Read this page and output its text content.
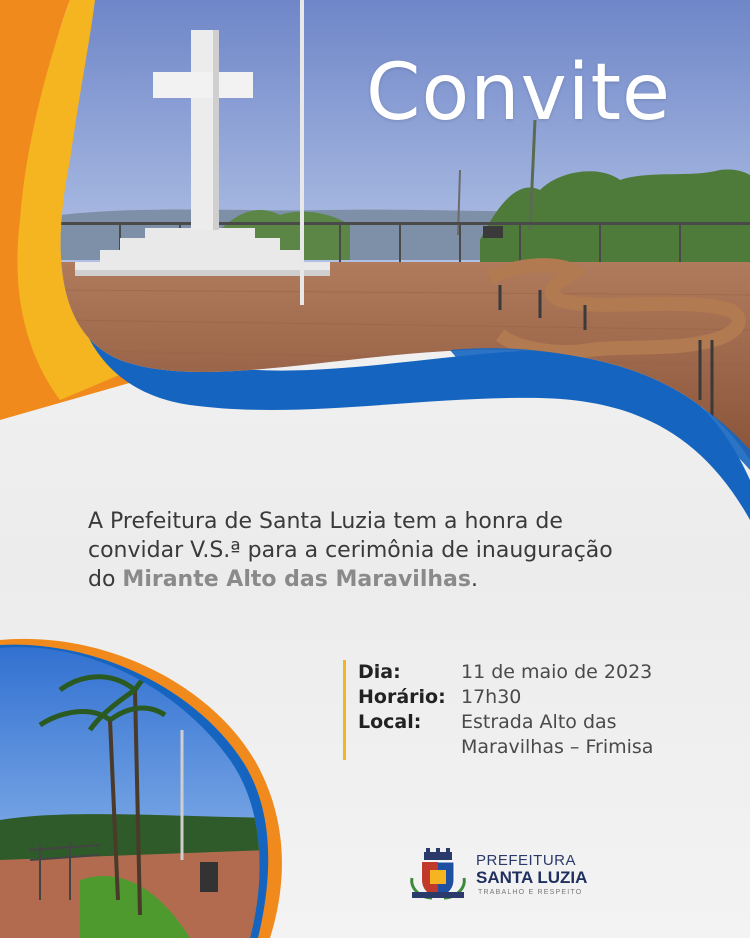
Convite
A Prefeitura de Santa Luzia tem a honra de
convidar V.S.ª para a cerimônia de inauguração
do Mirante Alto das Maravilhas.
Dia:	11 de maio de 2023
Horário: 17h30
Local:	Estrada Alto das
Maravilhas – Frimisa
PREFEITURA
SANTA LUZIA
TRABALHO E RESPEITO
